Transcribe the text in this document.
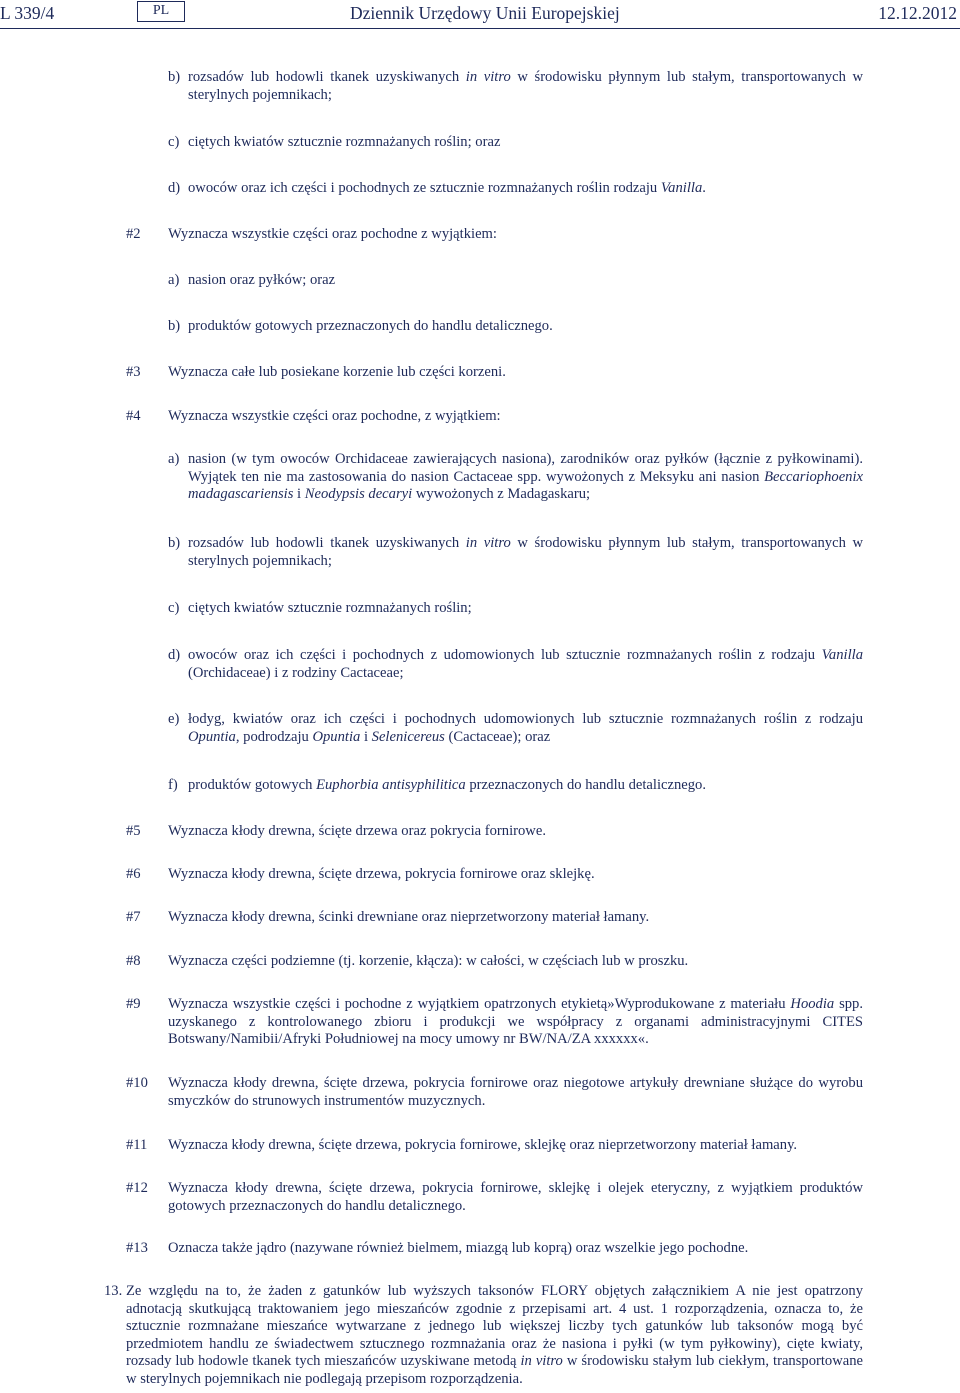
L 339/4	PL	Dziennik Urzędowy Unii Europejskiej	12.12.2012
b) rozsadów lub hodowli tkanek uzyskiwanych in vitro w środowisku płynnym lub stałym, transportowanych w sterylnych pojemnikach;
c) ciętych kwiatów sztucznie rozmnażanych roślin; oraz
d) owoców oraz ich części i pochodnych ze sztucznie rozmnażanych roślin rodzaju Vanilla.
#2 Wyznacza wszystkie części oraz pochodne z wyjątkiem:
a) nasion oraz pyłków; oraz
b) produktów gotowych przeznaczonych do handlu detalicznego.
#3 Wyznacza całe lub posiekane korzenie lub części korzeni.
#4 Wyznacza wszystkie części oraz pochodne, z wyjątkiem:
a) nasion (w tym owoców Orchidaceae zawierających nasiona), zarodników oraz pyłków (łącznie z pyłkowinami). Wyjątek ten nie ma zastosowania do nasion Cactaceae spp. wywożonych z Meksyku ani nasion Beccariophoenix madagascariensis i Neodypsis decaryi wywożonych z Madagaskaru;
b) rozsadów lub hodowli tkanek uzyskiwanych in vitro w środowisku płynnym lub stałym, transportowanych w sterylnych pojemnikach;
c) ciętych kwiatów sztucznie rozmnażanych roślin;
d) owoców oraz ich części i pochodnych z udomowionych lub sztucznie rozmnażanych roślin z rodzaju Vanilla (Orchidaceae) i z rodziny Cactaceae;
e) łodyg, kwiatów oraz ich części i pochodnych udomowionych lub sztucznie rozmnażanych roślin z rodzaju Opuntia, podrodzaju Opuntia i Selenicereus (Cactaceae); oraz
f) produktów gotowych Euphorbia antisyphilitica przeznaczonych do handlu detalicznego.
#5 Wyznacza kłody drewna, ścięte drzewa oraz pokrycia fornirowe.
#6 Wyznacza kłody drewna, ścięte drzewa, pokrycia fornirowe oraz sklejkę.
#7 Wyznacza kłody drewna, ścinki drewniane oraz nieprzetworzony materiał łamany.
#8 Wyznacza części podziemne (tj. korzenie, kłącza): w całości, w częściach lub w proszku.
#9 Wyznacza wszystkie części i pochodne z wyjątkiem opatrzonych etykietą»Wyprodukowane z materiału Hoodia spp. uzyskanego z kontrolowanego zbioru i produkcji we współpracy z organami administracyjnymi CITES Botswany/Namibii/Afryki Południowej na mocy umowy nr BW/NA/ZA xxxxxx«.
#10 Wyznacza kłody drewna, ścięte drzewa, pokrycia fornirowe oraz niegotowe artykuły drewniane służące do wyrobu smyczków do strunowych instrumentów muzycznych.
#11 Wyznacza kłody drewna, ścięte drzewa, pokrycia fornirowe, sklejkę oraz nieprzetworzony materiał łamany.
#12 Wyznacza kłody drewna, ścięte drzewa, pokrycia fornirowe, sklejkę i olejek eteryczny, z wyjątkiem produktów gotowych przeznaczonych do handlu detalicznego.
#13 Oznacza także jądro (nazywane również bielmem, miazgą lub koprą) oraz wszelkie jego pochodne.
13. Ze względu na to, że żaden z gatunków lub wyższych taksonów FLORY objętych załącznikiem A nie jest opatrzony adnotacją skutkującą traktowaniem jego mieszańców zgodnie z przepisami art. 4 ust. 1 rozporządzenia, oznacza to, że sztucznie rozmnażane mieszańce wytwarzane z jednego lub większej liczby tych gatunków lub taksonów mogą być przedmiotem handlu ze świadectwem sztucznego rozmnażania oraz że nasiona i pyłki (w tym pyłkowiny), cięte kwiaty, rozsady lub hodowle tkanek tych mieszańców uzyskiwane metodą in vitro w środowisku stałym lub ciekłym, transportowane w sterylnych pojemnikach nie podlegają przepisom rozporządzenia.
